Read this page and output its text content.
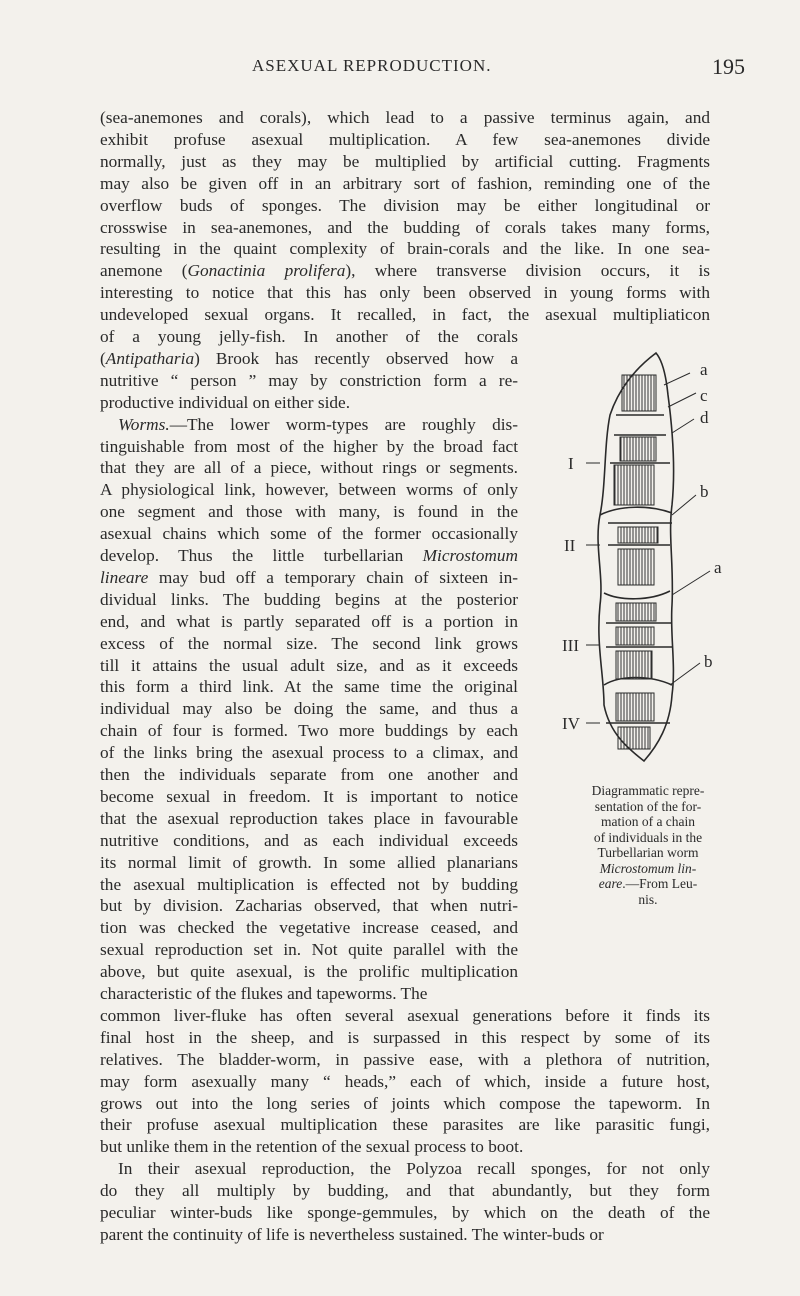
ASEXUAL REPRODUCTION.	195
(sea-anemones and corals), which lead to a passive terminus again, and
exhibit profuse asexual multiplication. A few sea-anemones divide
normally, just as they may be multiplied by artificial cutting. Fragments
may also be given off in an arbitrary sort of fashion, reminding one of the
overflow buds of sponges. The division may be either longitudinal or
crosswise in sea-anemones, and the budding of corals takes many forms,
resulting in the quaint complexity of brain-corals and the like. In one sea-
anemone (Gonactinia prolifera), where transverse division occurs, it is
interesting to notice that this has only been observed in young forms with
undeveloped sexual organs. It recalled, in fact, the asexual multipliaticon
of a young jelly-fish. In another of the corals
(Antipatharia) Brook has recently observed how a
nutritive “ person ” may by constriction form a re-
productive individual on either side.
Worms.—The lower worm-types are roughly dis-
tinguishable from most of the higher by the broad fact
that they are all of a piece, without rings or segments.
A physiological link, however, between worms of only
one segment and those with many, is found in the
asexual chains which some of the former occasionally
develop. Thus the little turbellarian Microstomum
lineare may bud off a temporary chain of sixteen in-
dividual links. The budding begins at the posterior
end, and what is partly separated off is a portion in
excess of the normal size. The second link grows
till it attains the usual adult size, and as it exceeds
this form a third link. At the same time the original
individual may also be doing the same, and thus a
chain of four is formed. Two more buddings by each
of the links bring the asexual process to a climax, and
then the individuals separate from one another and
become sexual in freedom. It is important to notice
that the asexual reproduction takes place in favourable
nutritive conditions, and as each individual exceeds
its normal limit of growth. In some allied planarians
the asexual multiplication is effected not by budding
but by division. Zacharias observed, that when nutri-
tion was checked the vegetative increase ceased, and
sexual reproduction set in. Not quite parallel with the
above, but quite asexual, is the prolific multiplication
characteristic of the flukes and tapeworms. The
common liver-fluke has often several asexual generations before it finds its
final host in the sheep, and is surpassed in this respect by some of its
relatives. The bladder-worm, in passive ease, with a plethora of nutrition,
may form asexually many “ heads,” each of which, inside a future host,
grows out into the long series of joints which compose the tapeworm. In
their profuse asexual multiplication these parasites are like parasitic fungi,
but unlike them in the retention of the sexual process to boot.
In their asexual reproduction, the Polyzoa recall sponges, for not only
do they all multiply by budding, and that abundantly, but they form
peculiar winter-buds like sponge-gemmules, by which on the death of the
parent the continuity of life is nevertheless sustained. The winter-buds or
I
II
III
IV
a
c
d
b
a
b
Diagrammatic repre-
sentation of the for-
mation of a chain
of individuals in the
Turbellarian worm
Microstomum lin-
eare.—From Leu-
nis.
